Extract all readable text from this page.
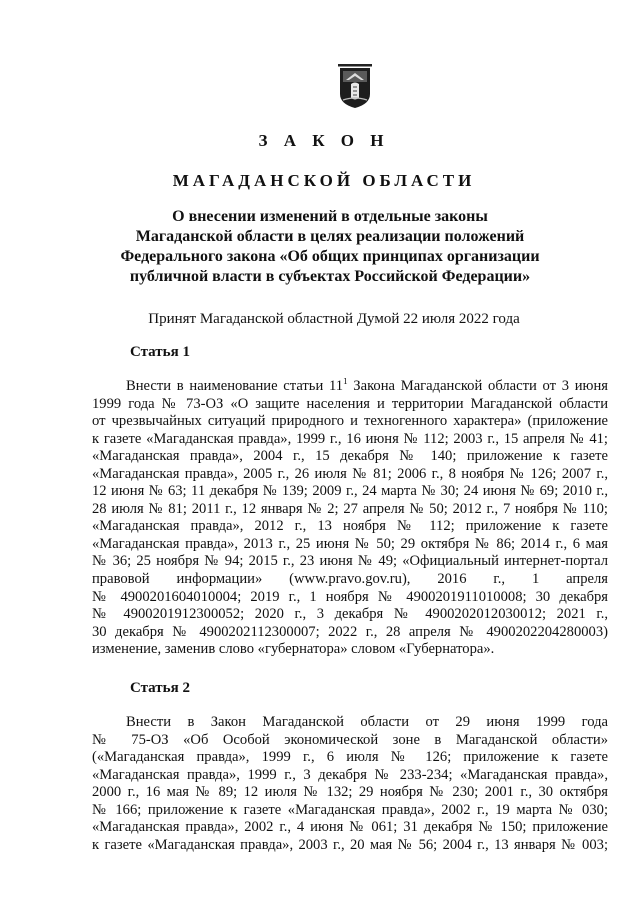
З А К О Н
МАГАДАНСКОЙ ОБЛАСТИ
О внесении изменений в отдельные законы
Магаданской области в целях реализации положений
Федерального закона «Об общих принципах организации
публичной власти в субъектах Российской Федерации»
Принят Магаданской областной Думой 22 июля 2022 года
Статья 1
Внести в наименование статьи $11^1$ Закона Магаданской области от 3 июня
1999 года № 73-ОЗ «О защите населения и территории Магаданской области
от чрезвычайных ситуаций природного и техногенного характера» (приложение
к газете «Магаданская правда», 1999 г., 16 июня № 112; 2003 г., 15 апреля № 41;
«Магаданская правда», 2004 г., 15 декабря № 140; приложение к газете
«Магаданская правда», 2005 г., 26 июля № 81; 2006 г., 8 ноября № 126; 2007 г.,
12 июня № 63; 11 декабря № 139; 2009 г., 24 марта № 30; 24 июня № 69; 2010 г.,
28 июля № 81; 2011 г., 12 января № 2; 27 апреля № 50; 2012 г., 7 ноября № 110;
«Магаданская правда», 2012 г., 13 ноября № 112; приложение к газете
«Магаданская правда», 2013 г., 25 июня № 50; 29 октября № 86; 2014 г., 6 мая
№ 36; 25 ноября № 94; 2015 г., 23 июня № 49; «Официальный интернет-портал
правовой информации» (www.pravo.gov.ru), 2016 г., 1 апреля
№ 4900201604010004; 2019 г., 1 ноября № 4900201911010008; 30 декабря
№ 4900201912300052; 2020 г., 3 декабря № 4900202012030012; 2021 г.,
30 декабря № 4900202112300007; 2022 г., 28 апреля № 4900202204280003)
изменение, заменив слово «губернатора» словом «Губернатора».
Статья 2
Внести в Закон Магаданской области от 29 июня 1999 года
№ 75-ОЗ «Об Особой экономической зоне в Магаданской области»
(«Магаданская правда», 1999 г., 6 июля № 126; приложение к газете
«Магаданская правда», 1999 г., 3 декабря № 233-234; «Магаданская правда»,
2000 г., 16 мая № 89; 12 июля № 132; 29 ноября № 230; 2001 г., 30 октября
№ 166; приложение к газете «Магаданская правда», 2002 г., 19 марта № 030;
«Магаданская правда», 2002 г., 4 июня № 061; 31 декабря № 150; приложение
к газете «Магаданская правда», 2003 г., 20 мая № 56; 2004 г., 13 января № 003;
